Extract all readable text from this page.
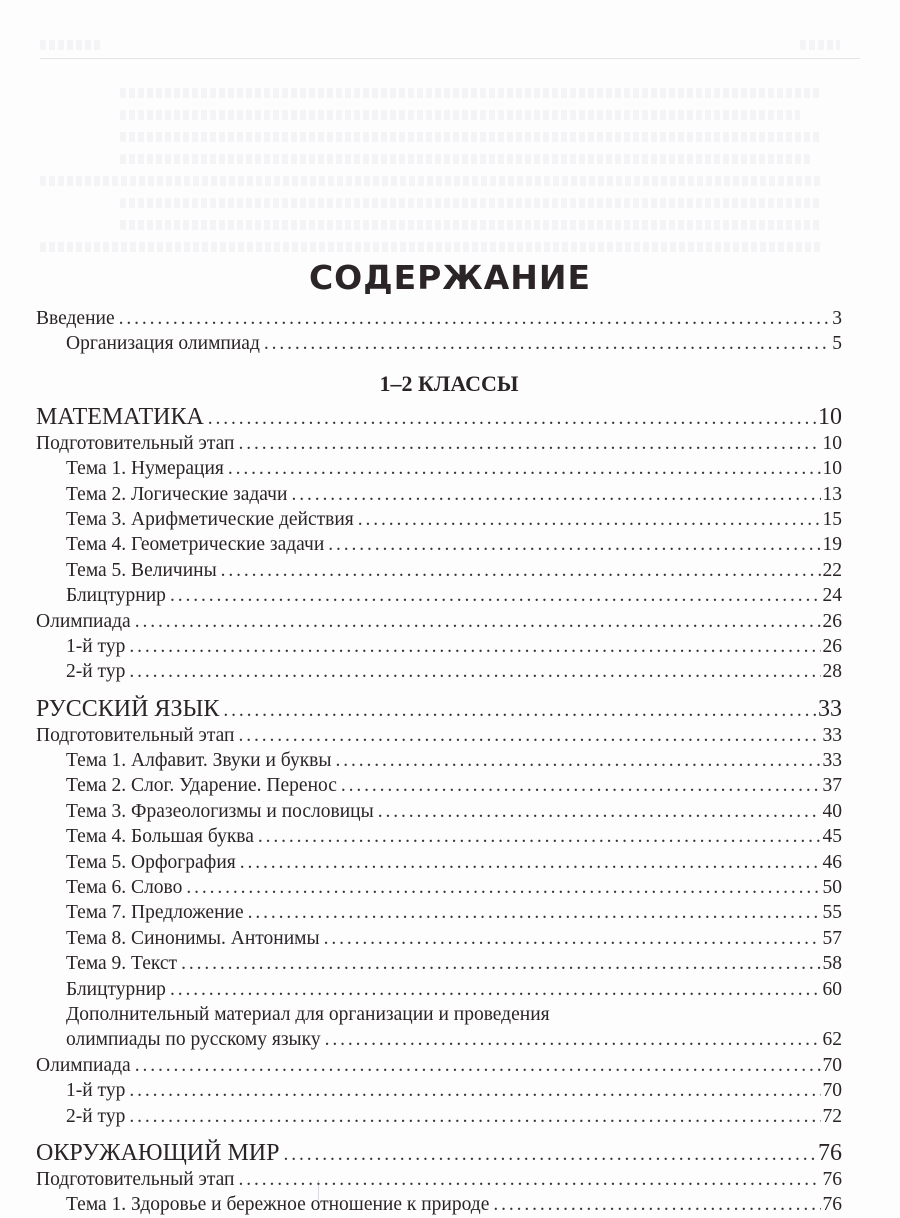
СОДЕРЖАНИЕ
Введение . . .	3
Организация олимпиад . . .	5
1–2 КЛАССЫ
МАТЕМАТИКА . . .	10
Подготовительный этап . . .	10
Тема 1. Нумерация . . .	10
Тема 2. Логические задачи . . .	13
Тема 3. Арифметические действия . . .	15
Тема 4. Геометрические задачи . . .	19
Тема 5. Величины . . .	22
Блицтурнир . . .	24
Олимпиада . . .	26
1-й тур . . .	26
2-й тур . . .	28
РУССКИЙ ЯЗЫК . . .	33
Подготовительный этап . . .	33
Тема 1. Алфавит. Звуки и буквы . . .	33
Тема 2. Слог. Ударение. Перенос . . .	37
Тема 3. Фразеологизмы и пословицы . . .	40
Тема 4. Большая буква . . .	45
Тема 5. Орфография . . .	46
Тема 6. Слово . . .	50
Тема 7. Предложение . . .	55
Тема 8. Синонимы. Антонимы . . .	57
Тема 9. Текст . . .	58
Блицтурнир . . .	60
Дополнительный материал для организации и проведения
олимпиады по русскому языку . . .	62
Олимпиада . . .	70
1-й тур . . .	70
2-й тур . . .	72
ОКРУЖАЮЩИЙ МИР . . .	76
Подготовительный этап . . .	76
Тема 1. Здоровье и бережное отношение к природе . . .	76
